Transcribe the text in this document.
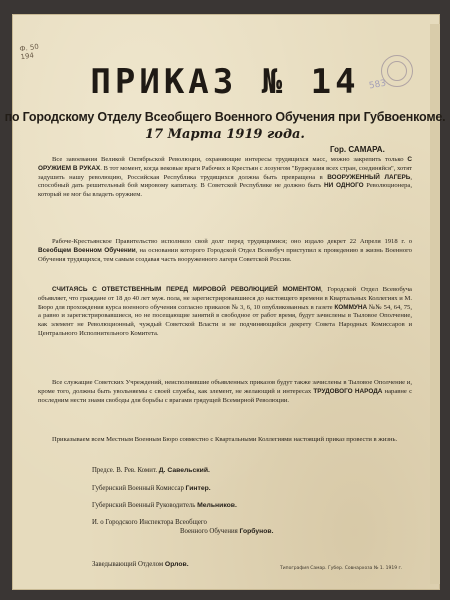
Ф. 50
194
583
ПРИКАЗ № 14
по Городскому Отделу Всеобщего Военного Обучения при Губвоенкоме.
17 Марта 1919 года.
Гор. САМАРА.
Все завоевания Великой Октябрьской Революции, охраняющие интересы трудящихся масс, можно закрепить только С ОРУЖИЕМ В РУКАХ. В тот момент, когда вековые враги Рабочих и Крестьян с лозунгом "Буржуазия всех стран, соединяйся", хотят задушить нашу революцию, Российская Республика трудящихся должна быть превращена в ВООРУЖЕННЫЙ ЛАГЕРЬ, способный дать решительный бой мировому капиталу. В Советской Республике не должно быть НИ ОДНОГО Революционера, который не мог бы владеть оружием.
Рабоче-Крестьянское Правительство исполнило свой долг перед трудящимися; оно издало декрет 22 Апреля 1918 г. о Всеобщем Военном Обучении, на основании которого Городской Отдел Всевобуч приступил к проведению в жизнь Военного Обучения трудящихся, тем самым создавая часть вооруженного лагеря Советской России.
СЧИТАЯСЬ С ОТВЕТСТВЕННЫМ ПЕРЕД МИРОВОЙ РЕВОЛЮЦИЕЙ МОМЕНТОМ, Городской Отдел Всевобуча объявляет, что граждане от 18 до 40 лет муж. пола, не зарегистрировавшиеся до настоящего времени в Квартальных Коллегиях и М. Бюро для прохождения курса военного обучения согласно приказов № 3, 6, 10 опубликованных в газете КОММУНА №№ 54, 64, 75, а равно и зарегистрировавшиеся, но не посещающие занятий в свободное от работ время, будут зачислены в Тыловое Ополчение, как элемент не Революционный, чуждый Советской Власти и не подчиняющийся декрету Совета Народных Комиссаров и Центрального Исполнительного Комитета.
Все служащие Советских Учреждений, неисполнившие объявленных приказов будут также зачислены в Тыловое Ополчение и, кроме того, должны быть увольняемы с своей службы, как элемент, не желающий и интересах ТРУДОВОГО НАРОДА наравне с последним нести знамя свободы для борьбы с врагами грядущей Всемирной Революции.
Приказываем всем Местным Военным Бюро совместно с Квартальными Коллегиями настоящий приказ провести в жизнь.
Предсе. В. Рев. Комит. Д. Савельский.
Губернский Военный Комиссар Гинтер.
Губернский Военный Руководитель Мельников.
И. о Городского Инспектора Всеобщего
Военного Обучения Горбунов.
Заведывающий Отделом Орлов.
Типография Самар. Губер. Совнархоза № 1. 1919 г.
